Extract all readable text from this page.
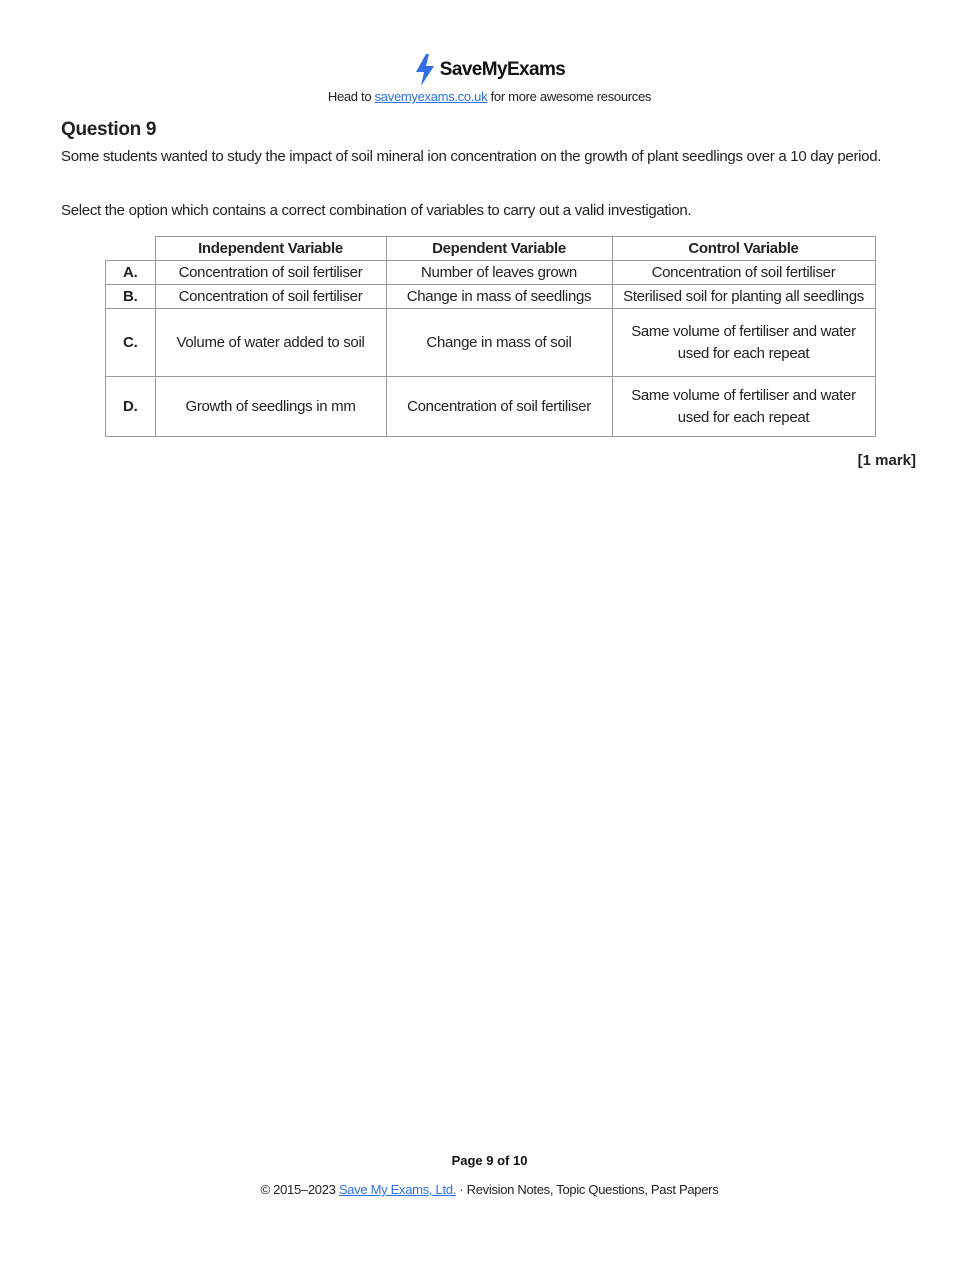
SaveMyExams
Head to savemyexams.co.uk for more awesome resources
Question 9
Some students wanted to study the impact of soil mineral ion concentration on the growth of plant seedlings over a 10 day period.
Select the option which contains a correct combination of variables to carry out a valid investigation.
	Independent Variable	Dependent Variable	Control Variable
A.	Concentration of soil fertiliser	Number of leaves grown	Concentration of soil fertiliser
B.	Concentration of soil fertiliser	Change in mass of seedlings	Sterilised soil for planting all seedlings
C.	Volume of water added to soil	Change in mass of soil	Same volume of fertiliser and water used for each repeat
D.	Growth of seedlings in mm	Concentration of soil fertiliser	Same volume of fertiliser and water used for each repeat
[1 mark]
Page 9 of 10
© 2015–2023 Save My Exams, Ltd. · Revision Notes, Topic Questions, Past Papers
